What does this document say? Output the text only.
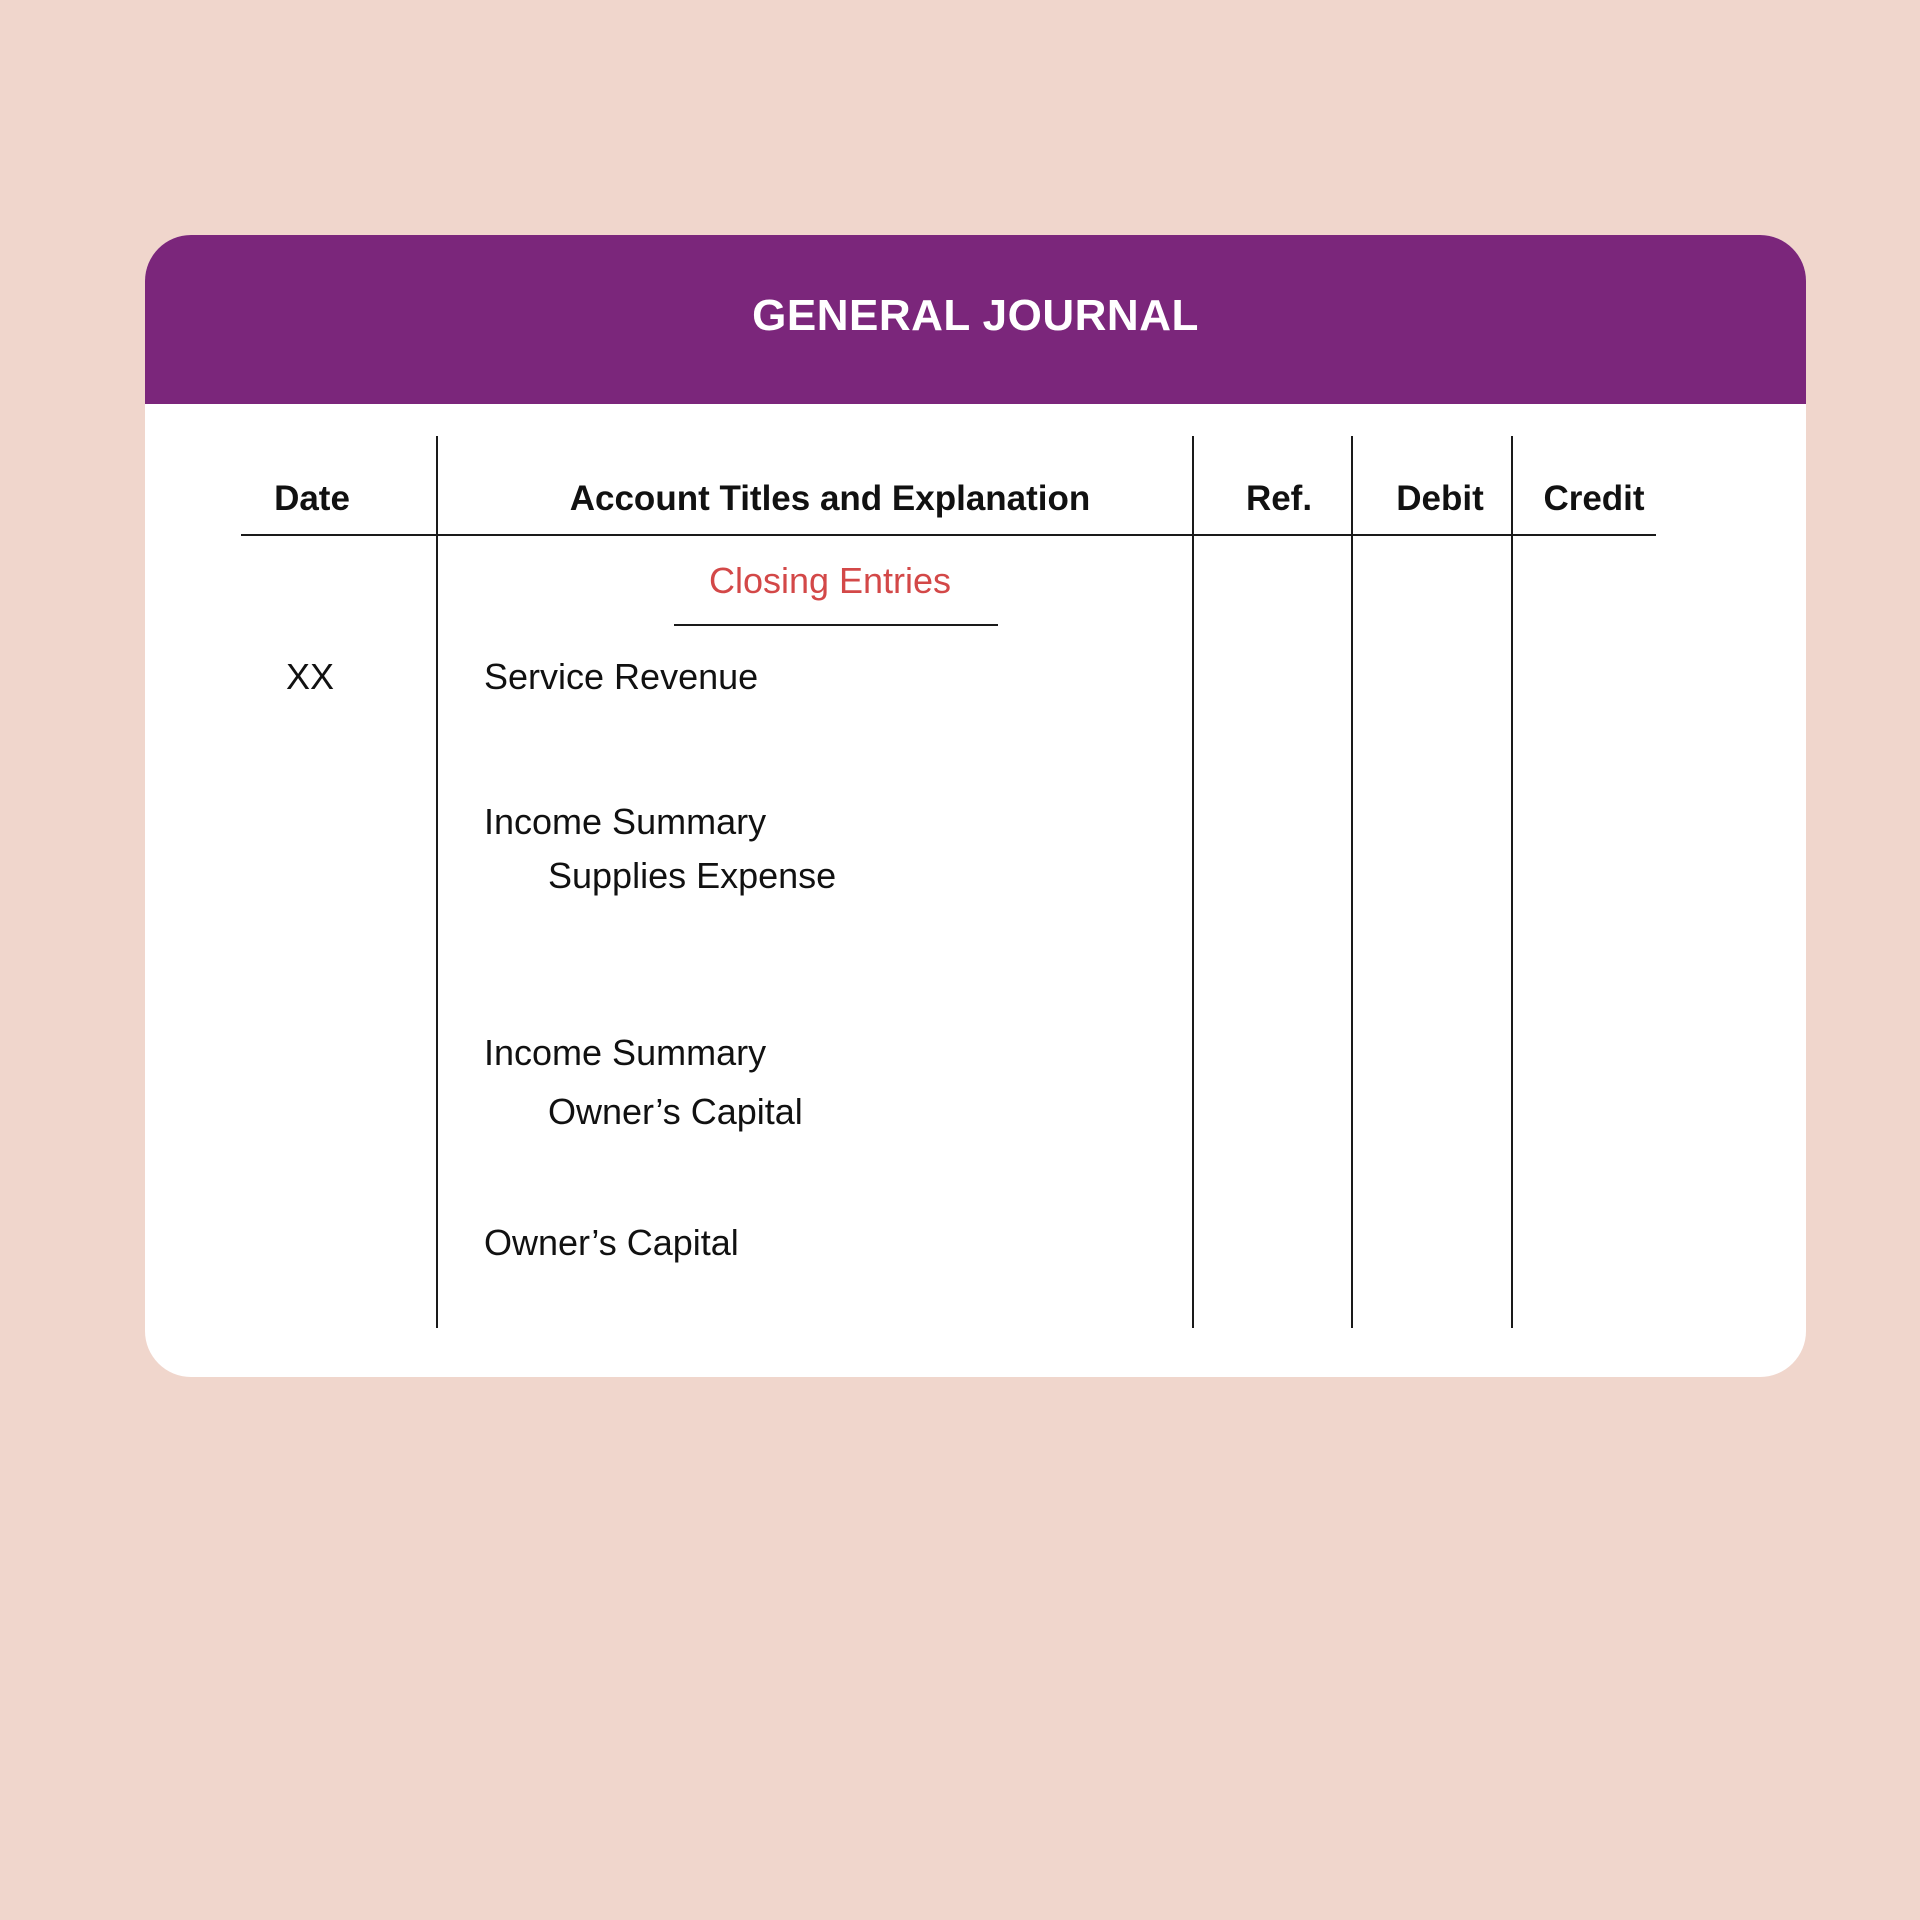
GENERAL JOURNAL
Date	Account Titles and Explanation	Ref. Debit Credit
Closing Entries
XX	Service Revenue
Income Summary
Supplies Expense
Income Summary
Owner’s Capital
Owner’s Capital
